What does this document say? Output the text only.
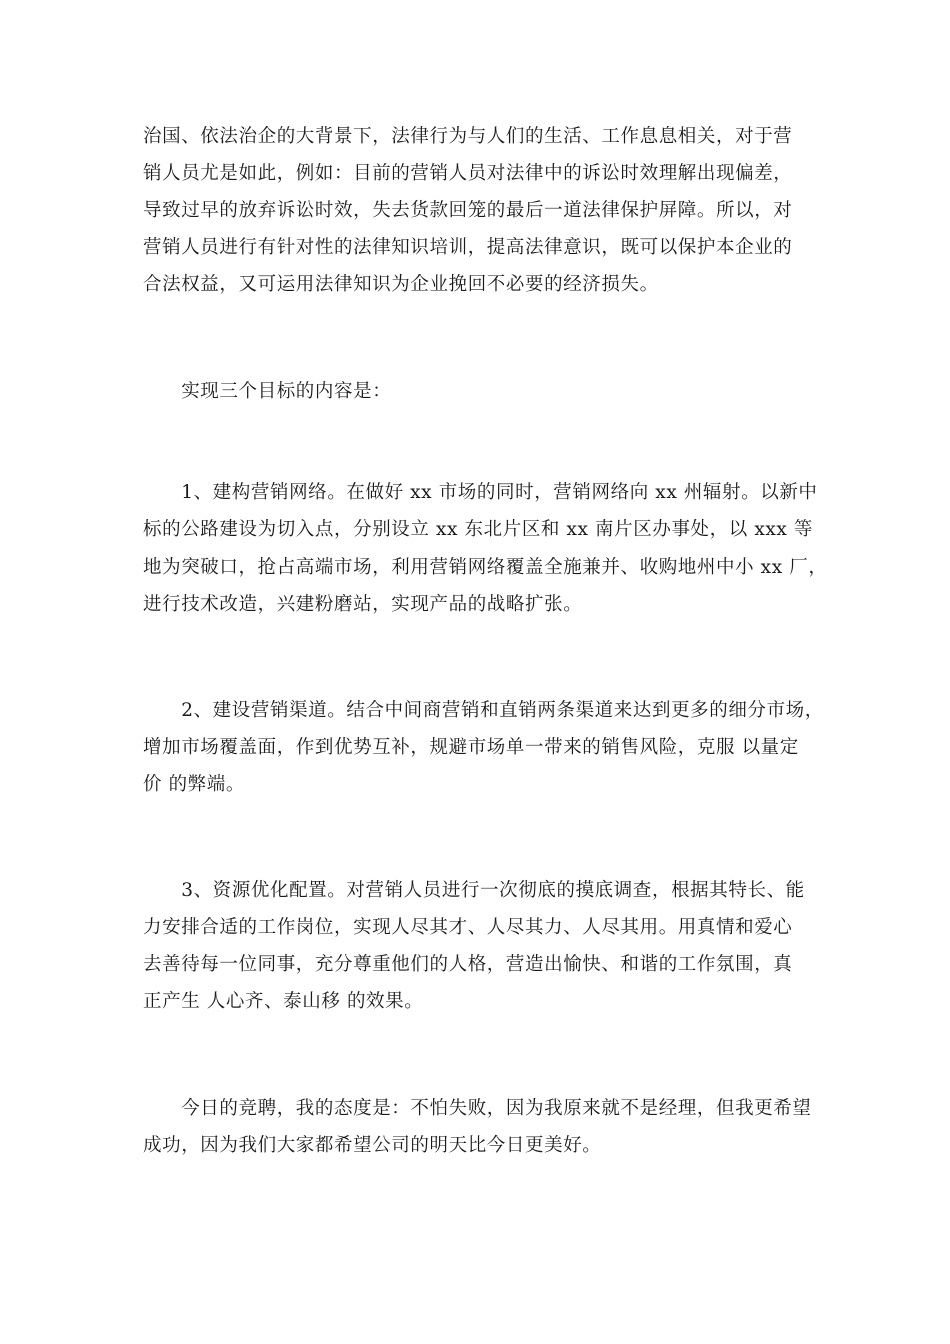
治国、依法治企的大背景下，法律行为与人们的生活、工作息息相关，对于营
销人员尤是如此，例如：目前的营销人员对法律中的诉讼时效理解出现偏差，
导致过早的放弃诉讼时效，失去货款回笼的最后一道法律保护屏障。所以，对
营销人员进行有针对性的法律知识培训，提高法律意识，既可以保护本企业的
合法权益，又可运用法律知识为企业挽回不必要的经济损失。
　　实现三个目标的内容是：
　　1、建构营销网络。在做好 xx 市场的同时，营销网络向 xx 州辐射。以新中
标的公路建设为切入点，分别设立 xx 东北片区和 xx 南片区办事处，以 xxx 等
地为突破口，抢占高端市场，利用营销网络覆盖全施兼并、收购地州中小 xx 厂，
进行技术改造，兴建粉磨站，实现产品的战略扩张。
　　2、建设营销渠道。结合中间商营销和直销两条渠道来达到更多的细分市场，
增加市场覆盖面，作到优势互补，规避市场单一带来的销售风险，克服 以量定
价 的弊端。
　　3、资源优化配置。对营销人员进行一次彻底的摸底调查，根据其特长、能
力安排合适的工作岗位，实现人尽其才、人尽其力、人尽其用。用真情和爱心
去善待每一位同事，充分尊重他们的人格，营造出愉快、和谐的工作氛围，真
正产生 人心齐、泰山移 的效果。
　　今日的竞聘，我的态度是：不怕失败，因为我原来就不是经理，但我更希望
成功，因为我们大家都希望公司的明天比今日更美好。
